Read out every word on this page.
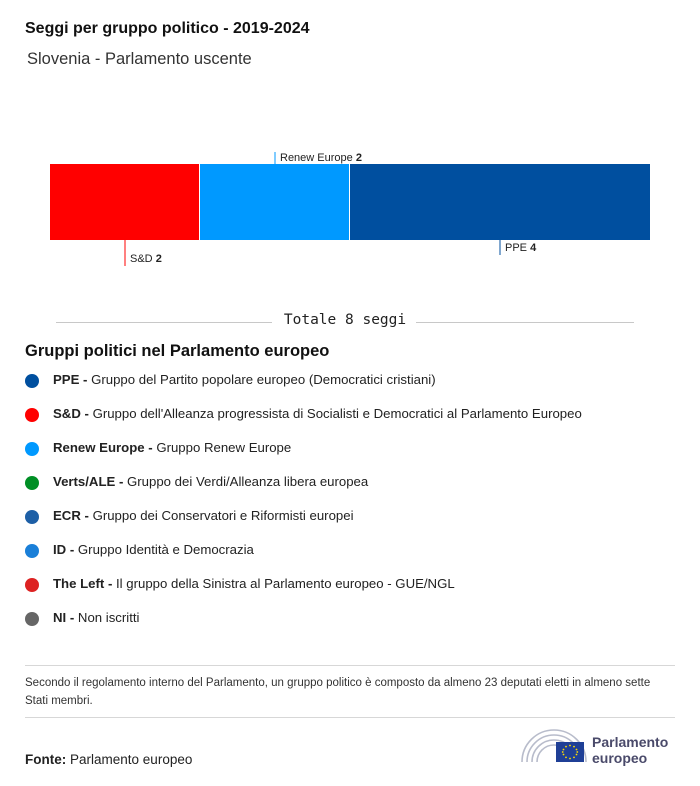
Seggi per gruppo politico - 2019-2024
Slovenia - Parlamento uscente
S&D 2
Renew Europe 2
PPE 4
Totale 8 seggi
Gruppi politici nel Parlamento europeo
PPE - Gruppo del Partito popolare europeo (Democratici cristiani)
S&D - Gruppo dell'Alleanza progressista di Socialisti e Democratici al Parlamento Europeo
Renew Europe - Gruppo Renew Europe
Verts/ALE - Gruppo dei Verdi/Alleanza libera europea
ECR - Gruppo dei Conservatori e Riformisti europei
ID - Gruppo Identità e Democrazia
The Left - Il gruppo della Sinistra al Parlamento europeo - GUE/NGL
NI - Non iscritti
Secondo il regolamento interno del Parlamento, un gruppo politico è composto da almeno 23 deputati eletti in almeno sette Stati membri.
Fonte: Parlamento europeo
Parlamento
europeo
